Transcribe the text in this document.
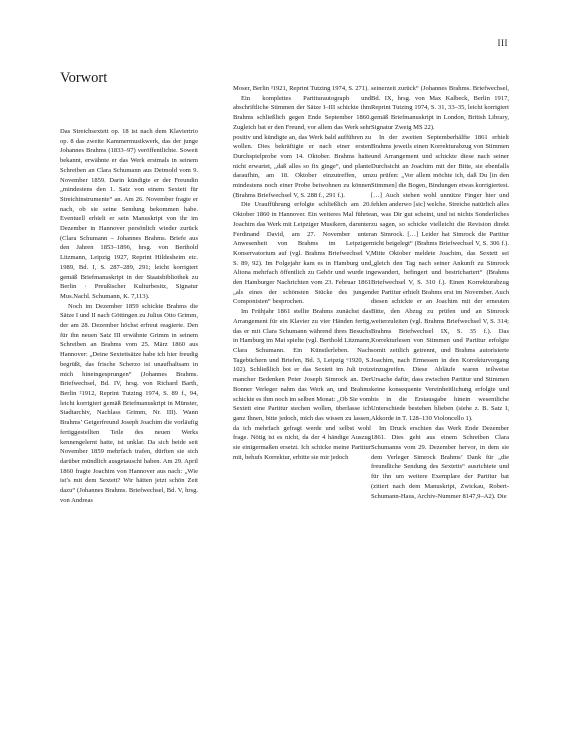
III
Vorwort

Das Streichsextett op. 18 ist nach dem Klaviertrio op. 8 das zweite Kammermusikwerk, das der junge Johannes Brahms (1833–97) veröffentlichte. Soweit bekannt, erwähnte er das Werk erstmals in seinem Schreiben an Clara Schumann aus Detmold vom 9. November 1859. Darin kündigte er der Freundin „mindestens den 1. Satz von einem Sextett für Streichinstrumente“ an. Am 26. November fragte er nach, ob sie seine Sendung bekommen habe. Eventuell erhielt er sein Manuskript von ihr im Dezember in Hannover persönlich wieder zurück (Clara Schumann – Johannes Brahms. Briefe aus den Jahren 1853–1896, hrsg. von Berthold Litzmann, Leipzig 1927, Reprint Hildesheim etc. 1989, Bd. I, S. 287–289, 291; leicht korrigiert gemäß Briefmanuskript in der Staatsbibliothek zu Berlin · Preußischer Kulturbesitz, Signatur Mus.Nachl. Schumann, K. 7,113).

Noch im Dezember 1859 schickte Brahms die Sätze I und II nach Göttingen zu Julius Otto Grimm, der am 28. Dezember höchst erfreut reagierte. Den für ihn neuen Satz III erwähnte Grimm in seinem Schreiben an Brahms vom 25. März 1860 aus Hannover: „Deine Sextettsätze habe ich hier freudig begrüßt, das frische Scherzo ist unaufhaltsam in mich hineingesprungen“ (Johannes Brahms. Briefwechsel, Bd. IV, hrsg. von Richard Barth, Berlin ²1912, Reprint Tutzing 1974, S. 89 f., 94, leicht korrigiert gemäß Briefmanuskript in Münster, Stadtarchiv, Nachlass Grimm, Nr. III). Wann Brahms’ Geigerfreund Joseph Joachim die vorläufig fertiggestellten Teile des neuen Werks kennengelernt hatte, ist unklar. Da sich beide seit November 1859 mehrfach trafen, dürften sie sich darüber mündlich ausgetauscht haben. Am 29. April 1860 fragte Joachim von Hannover aus nach: „Wie ist’s mit dem Sextett? Wir hätten jetzt schön Zeit dazu“ (Johannes Brahms. Briefwechsel, Bd. V, hrsg. von Andreas

Moser, Berlin ³1921, Reprint Tutzing 1974, S. 271).

Ein komplettes Partiturautograph und abschriftliche Stimmen der Sätze I–III schickte ihm Brahms schließlich gegen Ende September 1860. Zugleich bat er den Freund, vor allem das Werk sehr positiv und kündigte an, das Werk bald aufführen zu wollen. Dies bekräftigte er nach einer ersten Durchspielprobe vom 14. Oktober. Brahms hatte nicht erwartet, „daß alles so fix ginge“, und plante daraufhin, am 18. Oktober einzutreffen, um mindestens noch einer Probe beiwohnen zu können (Brahms Briefwechsel V, S. 288 f., 291 f.).

Die Uraufführung erfolgte schließlich am 20. Oktober 1860 in Hannover. Ein weiteres Mal führte Joachim das Werk mit Leipziger Musikern, darunter Ferdinand David, am 27. November unter Anwesenheit von Brahms im Leipziger Konservatorium auf (vgl. Brahms Briefwechsel V, S. 89, 92). Im Folgejahr kam es in Hamburg und Altona mehrfach öffentlich zu Gehör und wurde in den Hamburger Nachrichten vom 23. Februar 1861 „als eines der schönsten Stücke des jungen Componisten“ besprochen.

Im Frühjahr 1861 stellte Brahms zunächst das Arrangement für ein Klavier zu vier Händen fertig, das er mit Clara Schumann während ihres Besuchs in Hamburg im Mai spielte (vgl. Berthold Litzmann, Clara Schumann. Ein Künstlerleben. Nach Tagebüchern und Briefen, Bd. 3, Leipzig ⁶1920, S. 102). Schließlich bot er das Sextett im Juli trotz mancher Bedenken Peter Joseph Simrock an. Der Bonner Verleger nahm das Werk an, und Brahms schickte es ihm noch im selben Monat: „Ob Sie vom Sextett eine Partitur stechen wollen, überlasse ich ganz Ihnen, bitte jedoch, mich das wissen zu lassen, da ich mehrfach gefragt werde und selbst wohl frage. Nötig ist es nicht, da der 4 händige Auszug sie einigermaßen ersetzt. Ich schicke meine Partitur mit, behufs Korrektur, erbitte sie mir jedoch

seinerzeit zurück“ (Johannes Brahms. Briefwechsel, Bd. IX, hrsg. von Max Kalbeck, Berlin 1917, Reprint Tutzing 1974, S. 31, 33–35, leicht korrigiert gemäß Briefmanuskript in London, British Library, Signatur Zweig MS 22).

In der zweiten Septemberhälfte 1861 erhielt Brahms jeweils einen Korrekturabzug von Stimmen und Arrangement und schickte diese nach seiner Durchsicht an Joachim mit der Bitte, sie ebenfalls zu prüfen: „Vor allem möchte ich, daß Du [in den Stimmen] die Bogen, Bindungen etwas korrigiertest. […] Auch stehen wohl unnütze Finger hier und fehlen anderwo [sic] welche. Streiche natürlich alles an, was Dir gut scheint, und ist nichts Sonderliches zu sagen, so schicke vielleicht die Revision direkt an Simrock. […] Leider hat Simrock die Partitur nicht beigelegt“ (Brahms Briefwechsel V, S. 306 f.). Mitte Oktober meldete Joachim, das Sextett sei „gleich den Tag nach seiner Ankunft zu Simrock gewandert, befingert und bestrichartert“ (Brahms Briefwechsel V, S. 310 f.). Einen Korrekturabzug der Partitur erhielt Brahms erst im November. Auch diesen schickte er an Joachim mit der erneuten Bitte, den Abzug zu prüfen und an Simrock weiterzuleiten (vgl. Brahms Briefwechsel V, S. 314; Brahms Briefwechsel IX, S. 35 f.). Das Korrekturlesen von Stimmen und Partitur erfolgte somit zeitlich getrennt, und Brahms autorisierte Joachim, nach Ermessen in den Korrekturvorgang einzugreifen. Diese Abläufe waren teilweise Ursache dafür, dass zwischen Partitur und Stimmen keine konsequente Vereinheitlichung erfolgte und bis in die Erstausgabe hinein wesentliche Unterschiede bestehen blieben (siehe z. B. Satz I, Akkorde in T. 128–130 Violoncello 1).

Im Druck erschien das Werk Ende Dezember 1861. Dies geht aus einem Schreiben Clara Schumanns vom 29. Dezember hervor, in dem sie dem Verleger Simrock Brahms’ Dank für „die freundliche Sendung des Sextetts“ ausrichtete und für ihn um weitere Exemplare der Partitur bat (zitiert nach dem Manuskript, Zwickau, Robert-Schumann-Haus, Archiv-Nummer 8147,9–A2). Die
